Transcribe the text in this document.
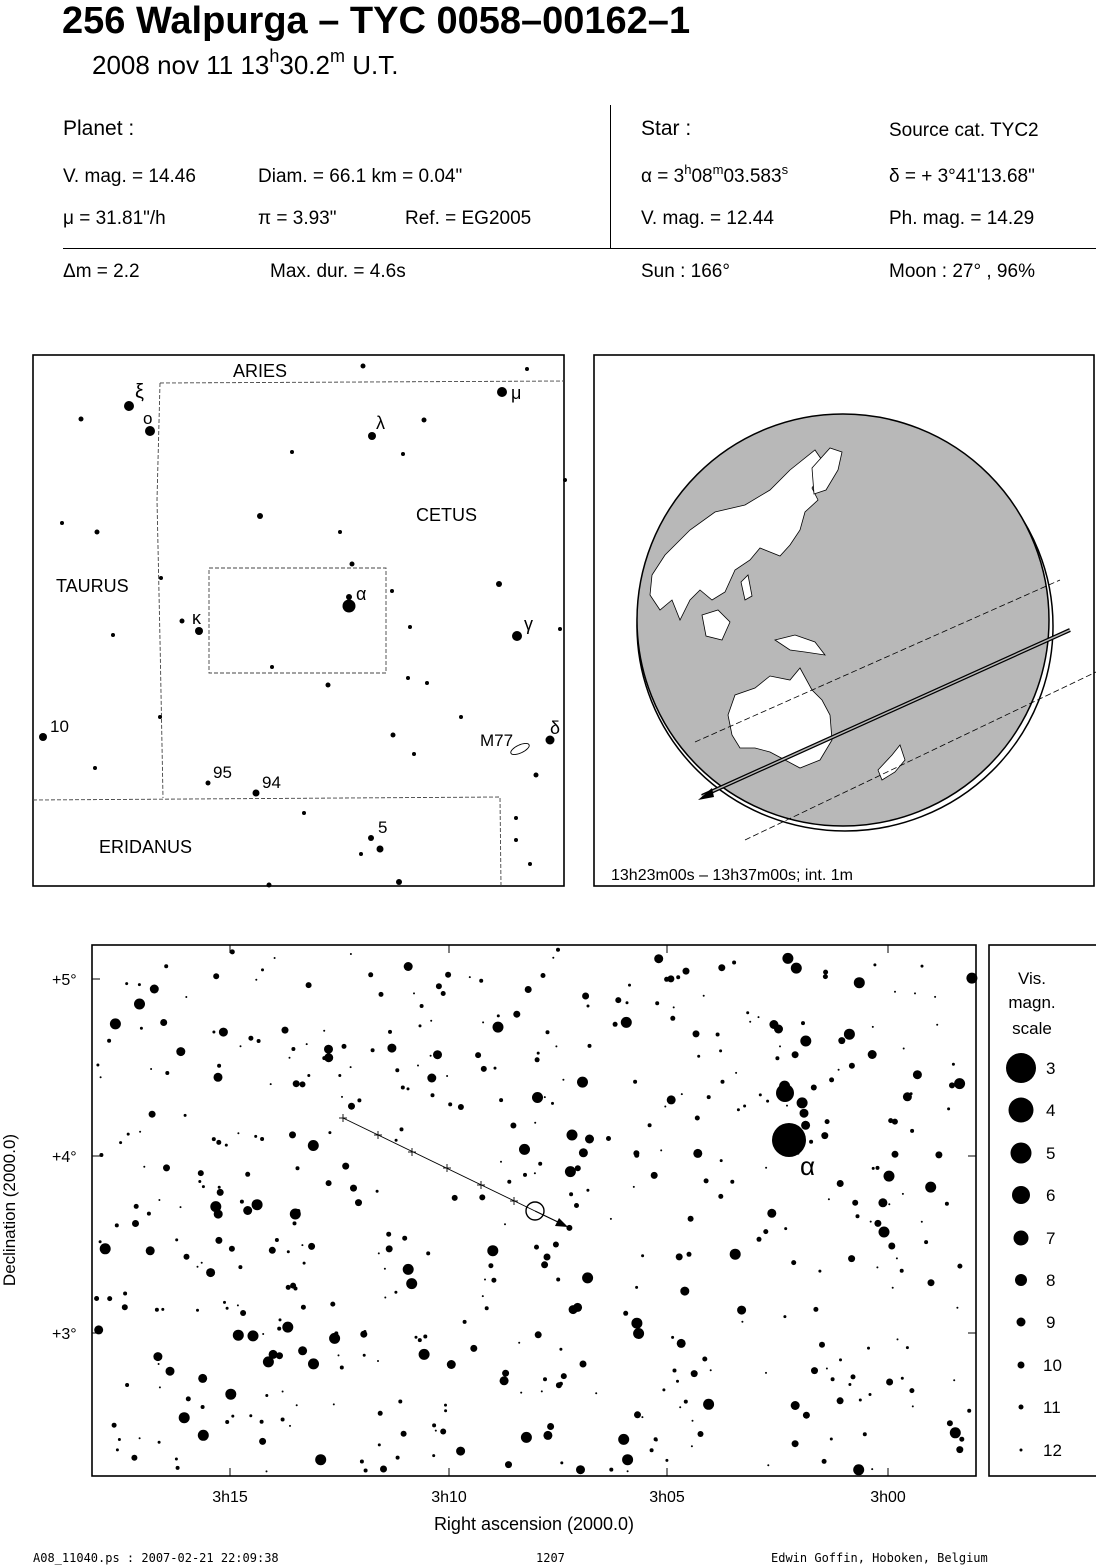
256 Walpurga – TYC 0058–00162–1
2008 nov 11 13$^h$30.2$^m$ U.T.
Planet :
V. mag. = 14.46	Diam. = 66.1 km = 0.04"
μ = 31.81"/h	π = 3.93"	Ref. = EG2005
Star :	Source cat. TYC2
$\alpha = 3^h08^m03.583^s$	δ = + 3°41'13.68"
V. mag. = 12.44	Ph. mag. = 14.29
Δm = 2.2	Max. dur. = 4.6s	Sun : 166°	Moon : 27° , 96%
ARIES
CETUS
TAURUS
ERIDANUS
ξ
o	λ
μ
α
κ	γ
δ
10
95
94
5
M77
13h23m00s – 13h37m00s; int. 1m
α
+5°
+4°
+3°
3h15	3h10	3h05	3h00
Right ascension (2000.0)
Declination (2000.0)
Vis.
magn.
scale
3
4
5
6
7
8
9
10
11
12
A08_11040.ps : 2007-02-21 22:09:38	1207	Edwin Goffin, Hoboken, Belgium
